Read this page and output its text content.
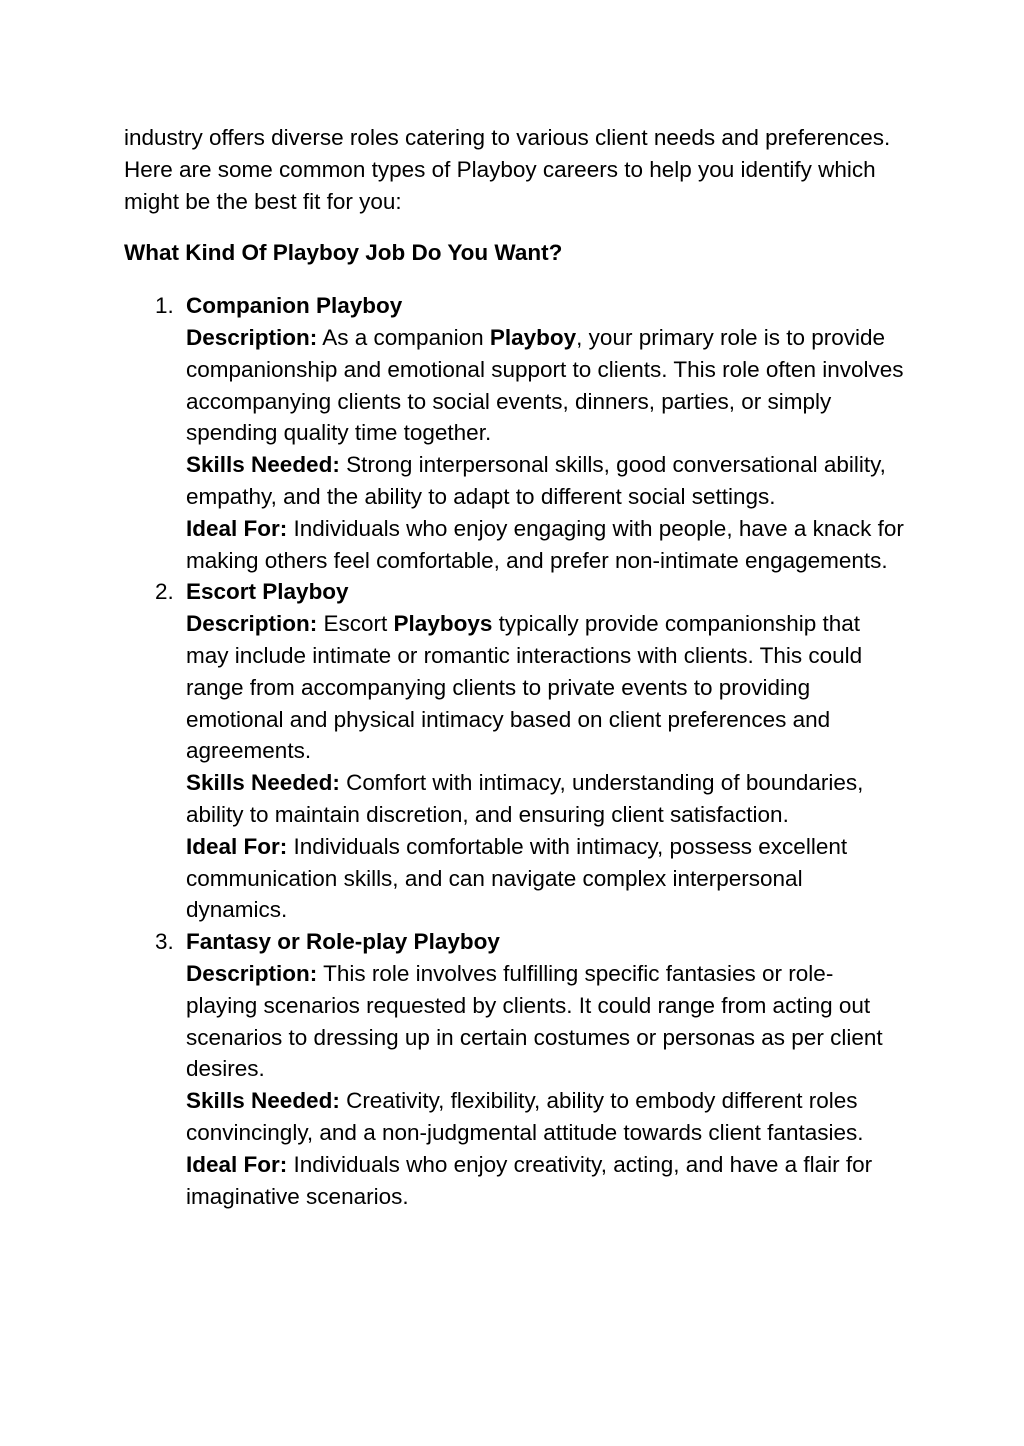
industry offers diverse roles catering to various client needs and preferences. Here are some common types of Playboy careers to help you identify which might be the best fit for you:

What Kind Of Playboy Job Do You Want?

1. Companion Playboy
Description: As a companion Playboy, your primary role is to provide companionship and emotional support to clients. This role often involves accompanying clients to social events, dinners, parties, or simply spending quality time together.
Skills Needed: Strong interpersonal skills, good conversational ability, empathy, and the ability to adapt to different social settings.
Ideal For: Individuals who enjoy engaging with people, have a knack for making others feel comfortable, and prefer non-intimate engagements.
2. Escort Playboy
Description: Escort Playboys typically provide companionship that may include intimate or romantic interactions with clients. This could range from accompanying clients to private events to providing emotional and physical intimacy based on client preferences and agreements.
Skills Needed: Comfort with intimacy, understanding of boundaries, ability to maintain discretion, and ensuring client satisfaction.
Ideal For: Individuals comfortable with intimacy, possess excellent communication skills, and can navigate complex interpersonal dynamics.
3. Fantasy or Role-play Playboy
Description: This role involves fulfilling specific fantasies or role-playing scenarios requested by clients. It could range from acting out scenarios to dressing up in certain costumes or personas as per client desires.
Skills Needed: Creativity, flexibility, ability to embody different roles convincingly, and a non-judgmental attitude towards client fantasies.
Ideal For: Individuals who enjoy creativity, acting, and have a flair for imaginative scenarios.
